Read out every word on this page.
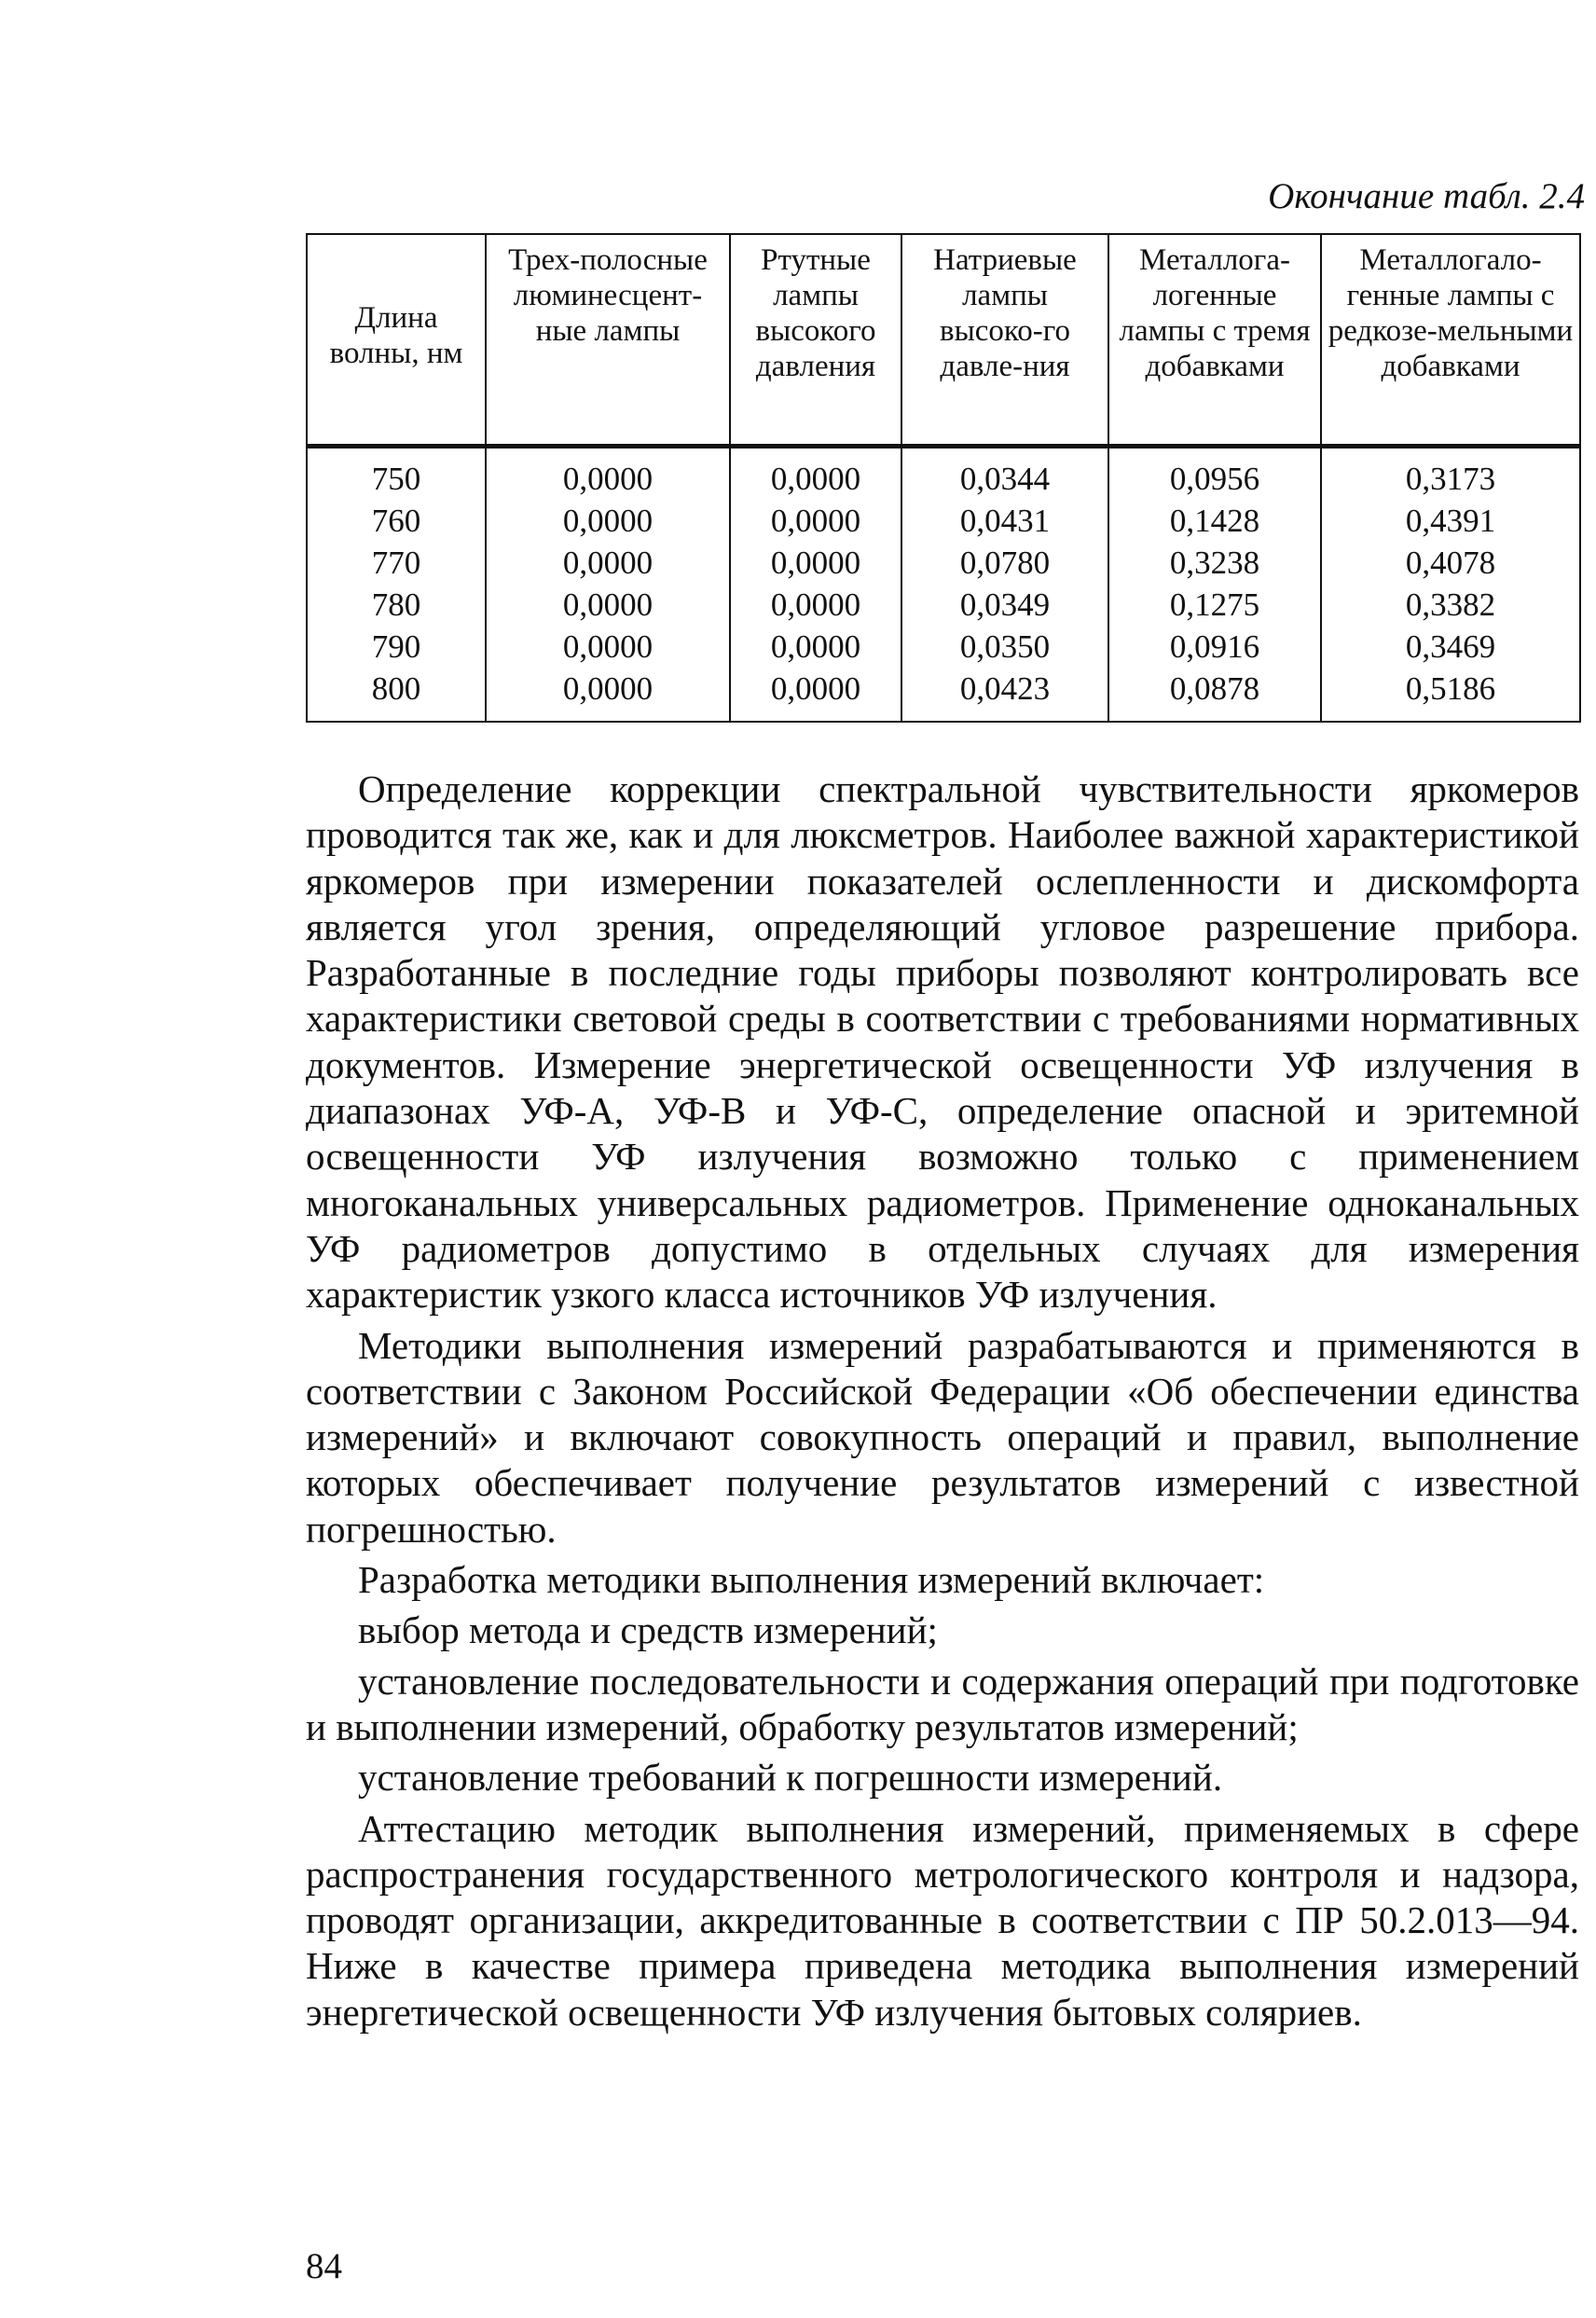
Окончание табл. 2.4
Длина волны, нм	Трех-полосные люминесцент-ные лампы	Ртутные лампы высокого давления	Натриевые лампы высоко-го давле-ния	Металлога-логенные лампы с тремя добавками	Металлогало-генные лампы с редкозе-мельными добавками
750	0,0000	0,0000	0,0344	0,0956	0,3173
760	0,0000	0,0000	0,0431	0,1428	0,4391
770	0,0000	0,0000	0,0780	0,3238	0,4078
780	0,0000	0,0000	0,0349	0,1275	0,3382
790	0,0000	0,0000	0,0350	0,0916	0,3469
800	0,0000	0,0000	0,0423	0,0878	0,5186

Определение коррекции спектральной чувствительности яркомеров проводится так же, как и для люксметров. Наиболее важной характеристикой яркомеров при измерении показателей ослепленности и дискомфорта является угол зрения, определяющий угловое разрешение прибора. Разработанные в последние годы приборы позволяют контролировать все характеристики световой среды в соответствии с требованиями нормативных документов. Измерение энергетической освещенности УФ излучения в диапазонах УФ-А, УФ-В и УФ-С, определение опасной и эритемной освещенности УФ излучения возможно только с применением многоканальных универсальных радиометров. Применение одноканальных УФ радиометров допустимо в отдельных случаях для измерения характеристик узкого класса источников УФ излучения.

Методики выполнения измерений разрабатываются и применяются в соответствии с Законом Российской Федерации «Об обеспечении единства измерений» и включают совокупность операций и правил, выполнение которых обеспечивает получение результатов измерений с известной погрешностью.

Разработка методики выполнения измерений включает:

выбор метода и средств измерений;

установление последовательности и содержания операций при подготовке и выполнении измерений, обработку результатов измерений;

установление требований к погрешности измерений.

Аттестацию методик выполнения измерений, применяемых в сфере распространения государственного метрологического контроля и надзора, проводят организации, аккредитованные в соответствии с ПР 50.2.013—94. Ниже в качестве примера приведена методика выполнения измерений энергетической освещенности УФ излучения бытовых соляриев.

84
